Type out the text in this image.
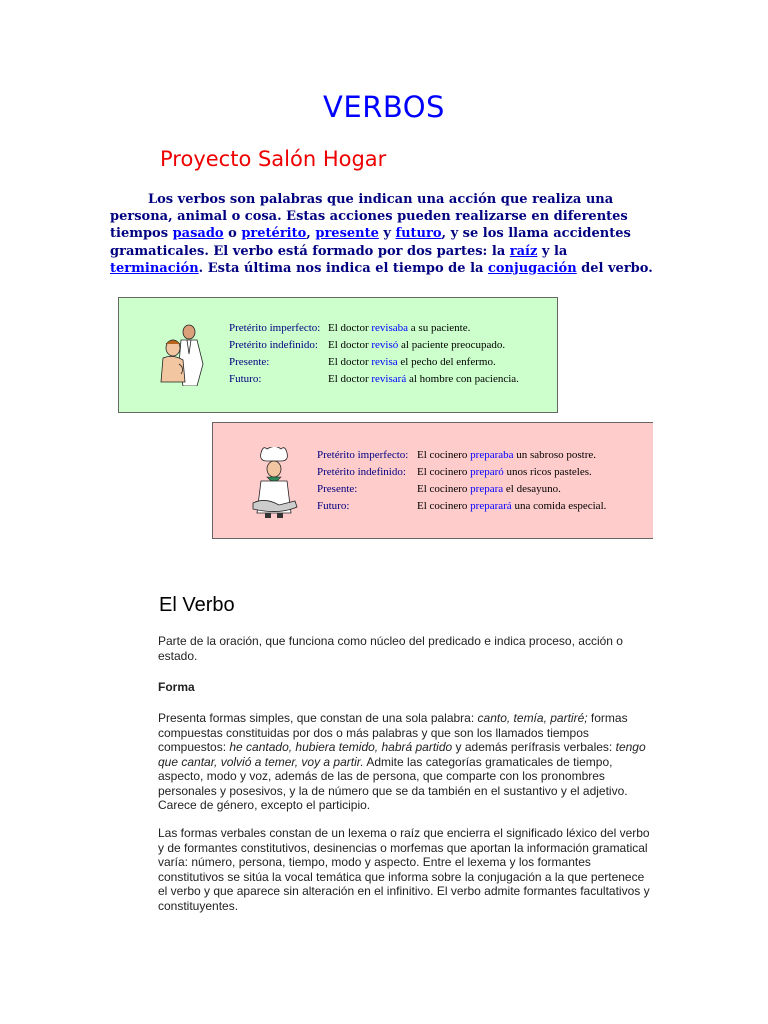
VERBOS
Proyecto Salón Hogar
Los verbos son palabras que indican una acción que realiza una persona, animal o cosa. Estas acciones pueden realizarse en diferentes tiempos pasado o pretérito, presente y futuro, y se los llama accidentes gramaticales. El verbo está formado por dos partes: la raíz y la terminación. Esta última nos indica el tiempo de la conjugación del verbo.
Pretérito imperfecto: El doctor revisaba a su paciente.
Pretérito indefinido: El doctor revisó al paciente preocupado.
Presente:	El doctor revisa el pecho del enfermo.
Futuro:	El doctor revisará al hombre con paciencia.
Pretérito imperfecto: El cocinero preparaba un sabroso postre.
Pretérito indefinido: El cocinero preparó unos ricos pasteles.
Presente:	El cocinero prepara el desayuno.
Futuro:	El cocinero preparará una comida especial.
El Verbo
Parte de la oración, que funciona como núcleo del predicado e indica proceso, acción o estado.
Forma
Presenta formas simples, que constan de una sola palabra: canto, temía, partiré; formas compuestas constituidas por dos o más palabras y que son los llamados tiempos compuestos: he cantado, hubiera temido, habrá partido y además perífrasis verbales: tengo que cantar, volvió a temer, voy a partir. Admite las categorías gramaticales de tiempo, aspecto, modo y voz, además de las de persona, que comparte con los pronombres personales y posesivos, y la de número que se da también en el sustantivo y el adjetivo. Carece de género, excepto el participio.
Las formas verbales constan de un lexema o raíz que encierra el significado léxico del verbo y de formantes constitutivos, desinencias o morfemas que aportan la información gramatical varía: número, persona, tiempo, modo y aspecto. Entre el lexema y los formantes constitutivos se sitúa la vocal temática que informa sobre la conjugación a la que pertenece el verbo y que aparece sin alteración en el infinitivo. El verbo admite formantes facultativos y constituyentes.
